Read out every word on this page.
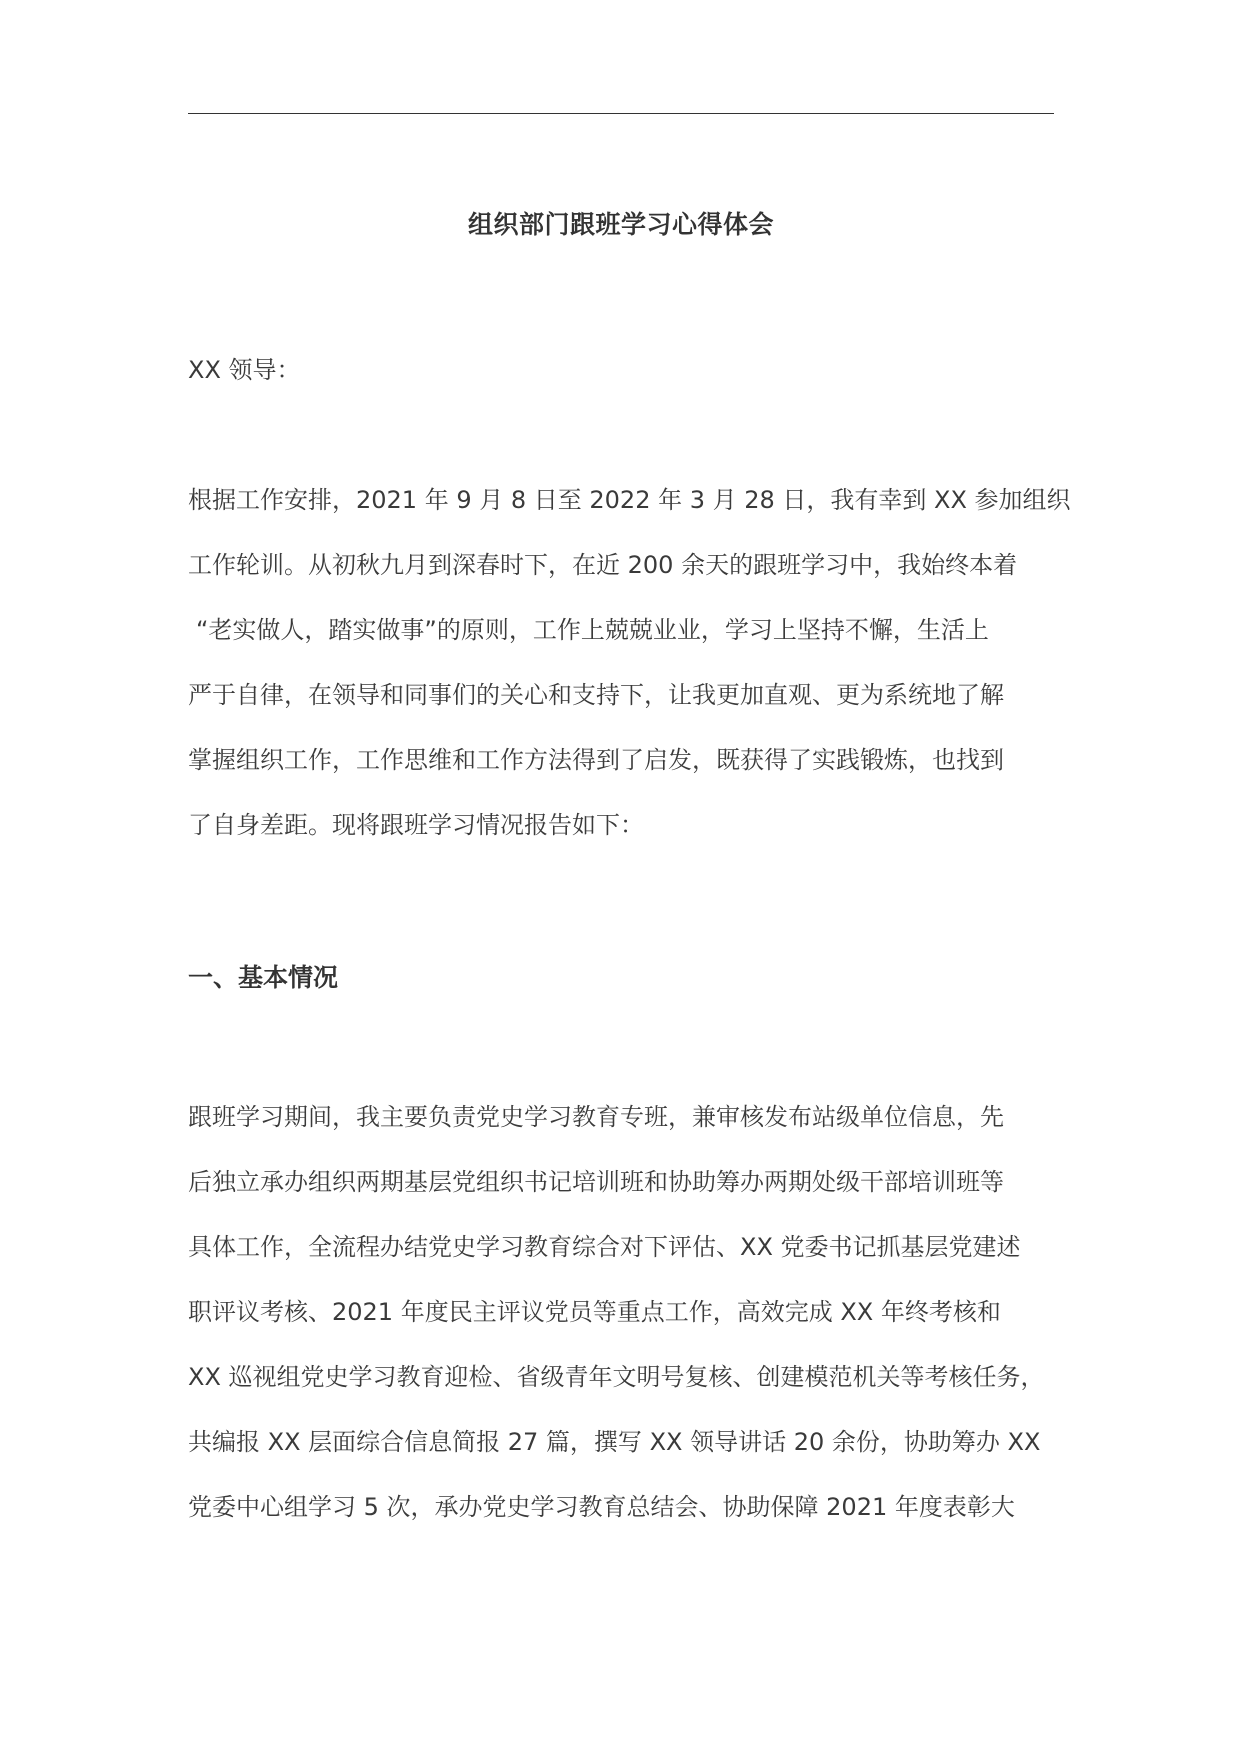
组织部门跟班学习心得体会
XX 领导：
根据工作安排，2021 年 9 月 8 日至 2022 年 3 月 28 日，我有幸到 XX 参加组织
工作轮训。从初秋九月到深春时下，在近 200 余天的跟班学习中，我始终本着
“老实做人，踏实做事”的原则，工作上兢兢业业，学习上坚持不懈，生活上
严于自律，在领导和同事们的关心和支持下，让我更加直观、更为系统地了解
掌握组织工作，工作思维和工作方法得到了启发，既获得了实践锻炼，也找到
了自身差距。现将跟班学习情况报告如下：
一、基本情况
跟班学习期间，我主要负责党史学习教育专班，兼审核发布站级单位信息，先
后独立承办组织两期基层党组织书记培训班和协助筹办两期处级干部培训班等
具体工作，全流程办结党史学习教育综合对下评估、XX 党委书记抓基层党建述
职评议考核、2021 年度民主评议党员等重点工作，高效完成 XX 年终考核和
XX 巡视组党史学习教育迎检、省级青年文明号复核、创建模范机关等考核任务，
共编报 XX 层面综合信息简报 27 篇，撰写 XX 领导讲话 20 余份，协助筹办 XX
党委中心组学习 5 次，承办党史学习教育总结会、协助保障 2021 年度表彰大
